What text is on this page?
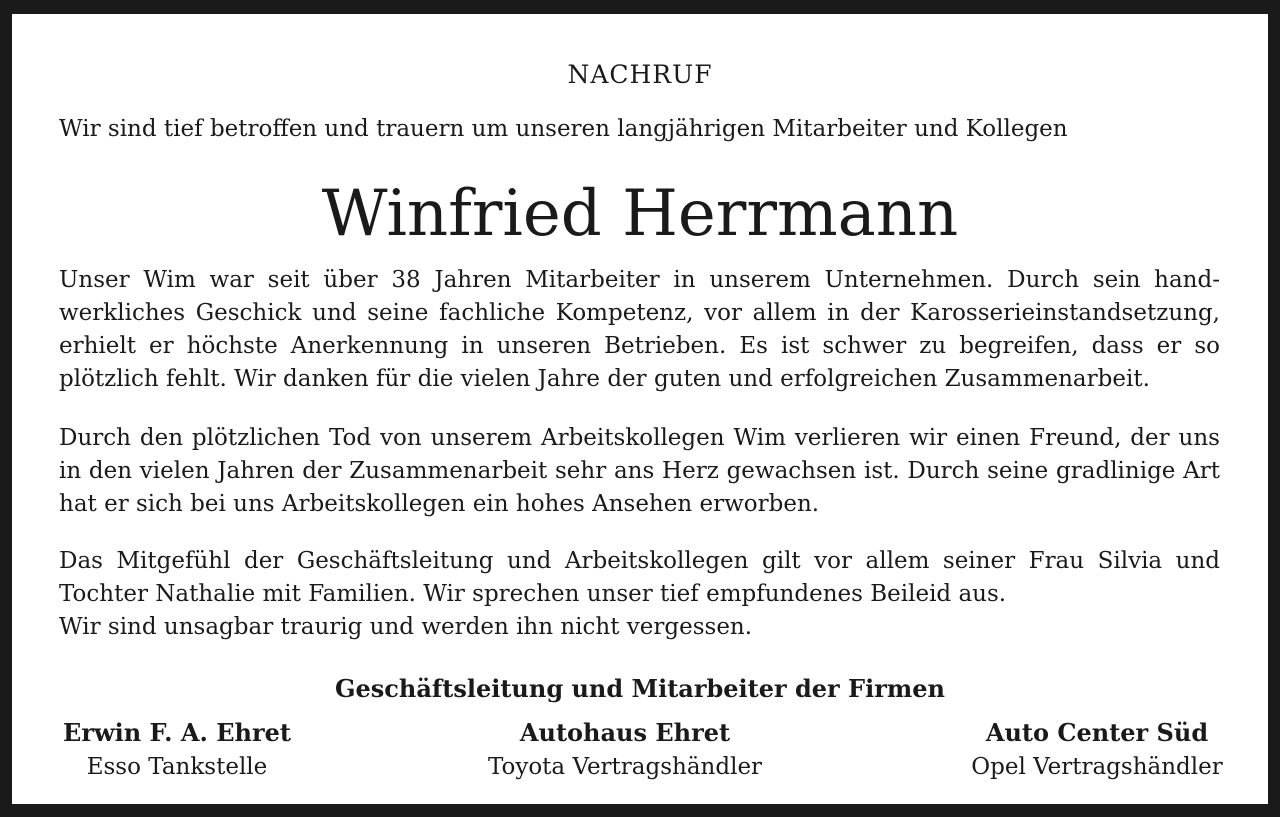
NACHRUF
Wir sind tief betroffen und trauern um unseren langjährigen Mitarbeiter und Kollegen
Winfried Herrmann
Unser Wim war seit über 38 Jahren Mitarbeiter in unserem Unternehmen. Durch sein handwerkliches Geschick und seine fachliche Kompetenz, vor allem in der Karosserieinstandsetzung, erhielt er höchste Anerkennung in unseren Betrieben. Es ist schwer zu begreifen, dass er so plötzlich fehlt. Wir danken für die vielen Jahre der guten und erfolgreichen Zusammenarbeit.
Durch den plötzlichen Tod von unserem Arbeitskollegen Wim verlieren wir einen Freund, der uns in den vielen Jahren der Zusammenarbeit sehr ans Herz gewachsen ist. Durch seine gradlinige Art hat er sich bei uns Arbeitskollegen ein hohes Ansehen erworben.
Das Mitgefühl der Geschäftsleitung und Arbeitskollegen gilt vor allem seiner Frau Silvia und Tochter Nathalie mit Familien. Wir sprechen unser tief empfundenes Beileid aus.
Wir sind unsagbar traurig und werden ihn nicht vergessen.
Geschäftsleitung und Mitarbeiter der Firmen
Erwin F. A. Ehret
Esso Tankstelle
Autohaus Ehret
Toyota Vertragshändler
Auto Center Süd
Opel Vertragshändler
